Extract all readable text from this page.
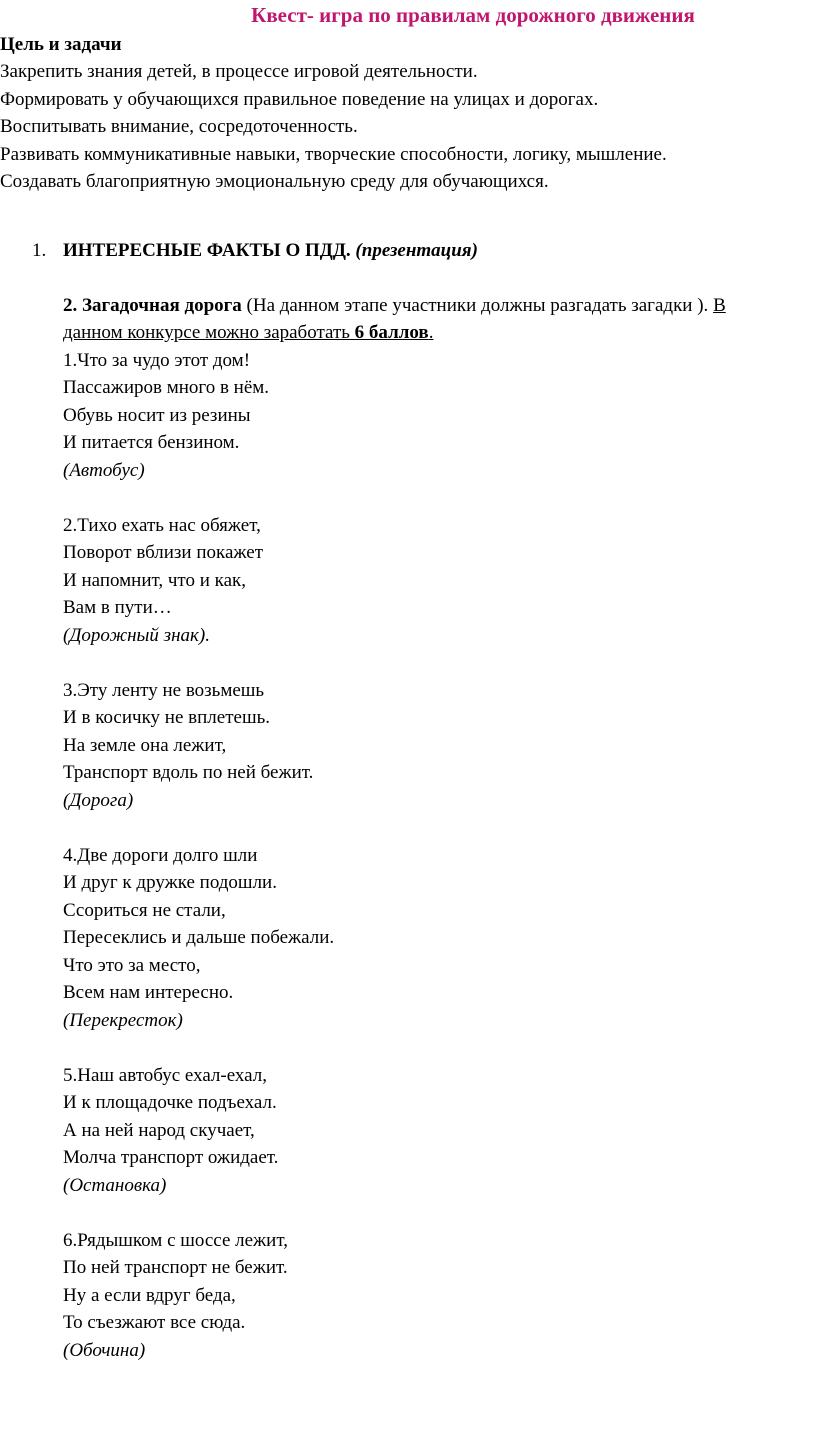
Квест- игра по правилам дорожного движения
Цель и задачи
Закрепить знания детей, в процессе игровой деятельности.
Формировать у обучающихся правильное поведение на улицах и дорогах.
Воспитывать внимание, сосредоточенность.
Развивать коммуникативные навыки, творческие способности, логику, мышление.
Создавать благоприятную эмоциональную среду для обучающихся.
1. ИНТЕРЕСНЫЕ ФАКТЫ О ПДД. (презентация)
2. Загадочная дорога (На данном этапе участники должны разгадать загадки ). В
данном конкурсе можно заработать 6 баллов.
1.Что за чудо этот дом!
Пассажиров много в нём.
Обувь носит из резины
И питается бензином.
(Автобус)
2.Тихо ехать нас обяжет,
Поворот вблизи покажет
И напомнит, что и как,
Вам в пути…
(Дорожный знак).
3.Эту ленту не возьмешь
И в косичку не вплетешь.
На земле она лежит,
Транспорт вдоль по ней бежит.
(Дорога)
4.Две дороги долго шли
И друг к дружке подошли.
Ссориться не стали,
Пересеклись и дальше побежали.
Что это за место,
Всем нам интересно.
(Перекресток)
5.Наш автобус ехал-ехал,
И к площадочке подъехал.
А на ней народ скучает,
Молча транспорт ожидает.
(Остановка)
6.Рядышком с шоссе лежит,
По ней транспорт не бежит.
Ну а если вдруг беда,
То съезжают все сюда.
(Обочина)
